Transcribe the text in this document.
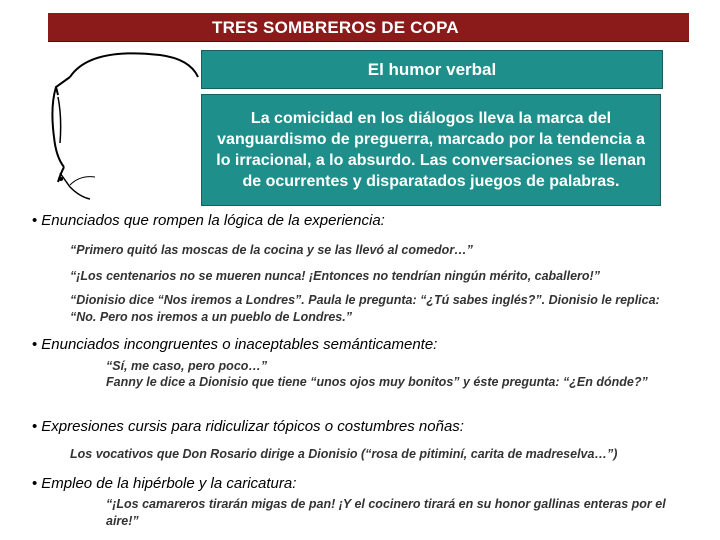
TRES SOMBREROS DE COPA
El humor verbal
La comicidad en los diálogos lleva la marca del vanguardismo de preguerra, marcado por la tendencia a lo irracional, a lo absurdo. Las conversaciones se llenan de ocurrentes y disparatados juegos de palabras.
• Enunciados que rompen la lógica de la experiencia:
“Primero quitó las moscas de la cocina y se las llevó al comedor…”
“¡Los centenarios no se mueren nunca! ¡Entonces no tendrían ningún mérito, caballero!”
“Dionisio dice “Nos iremos a Londres”. Paula le pregunta: “¿Tú sabes inglés?”. Dionisio le replica: “No. Pero nos iremos a un pueblo de Londres.”
• Enunciados incongruentes o inaceptables semánticamente:
“Sí, me caso, pero poco…”
Fanny le dice a Dionisio que tiene “unos ojos muy bonitos” y éste pregunta: “¿En dónde?”
• Expresiones cursis para ridiculizar tópicos o costumbres noñas:
Los vocativos que Don Rosario dirige a Dionisio (“rosa de pitiminí, carita de madreselva…”)
• Empleo de la hipérbole y la caricatura:
“¡Los camareros tirarán migas de pan! ¡Y el cocinero tirará en su honor gallinas enteras por el aire!”
